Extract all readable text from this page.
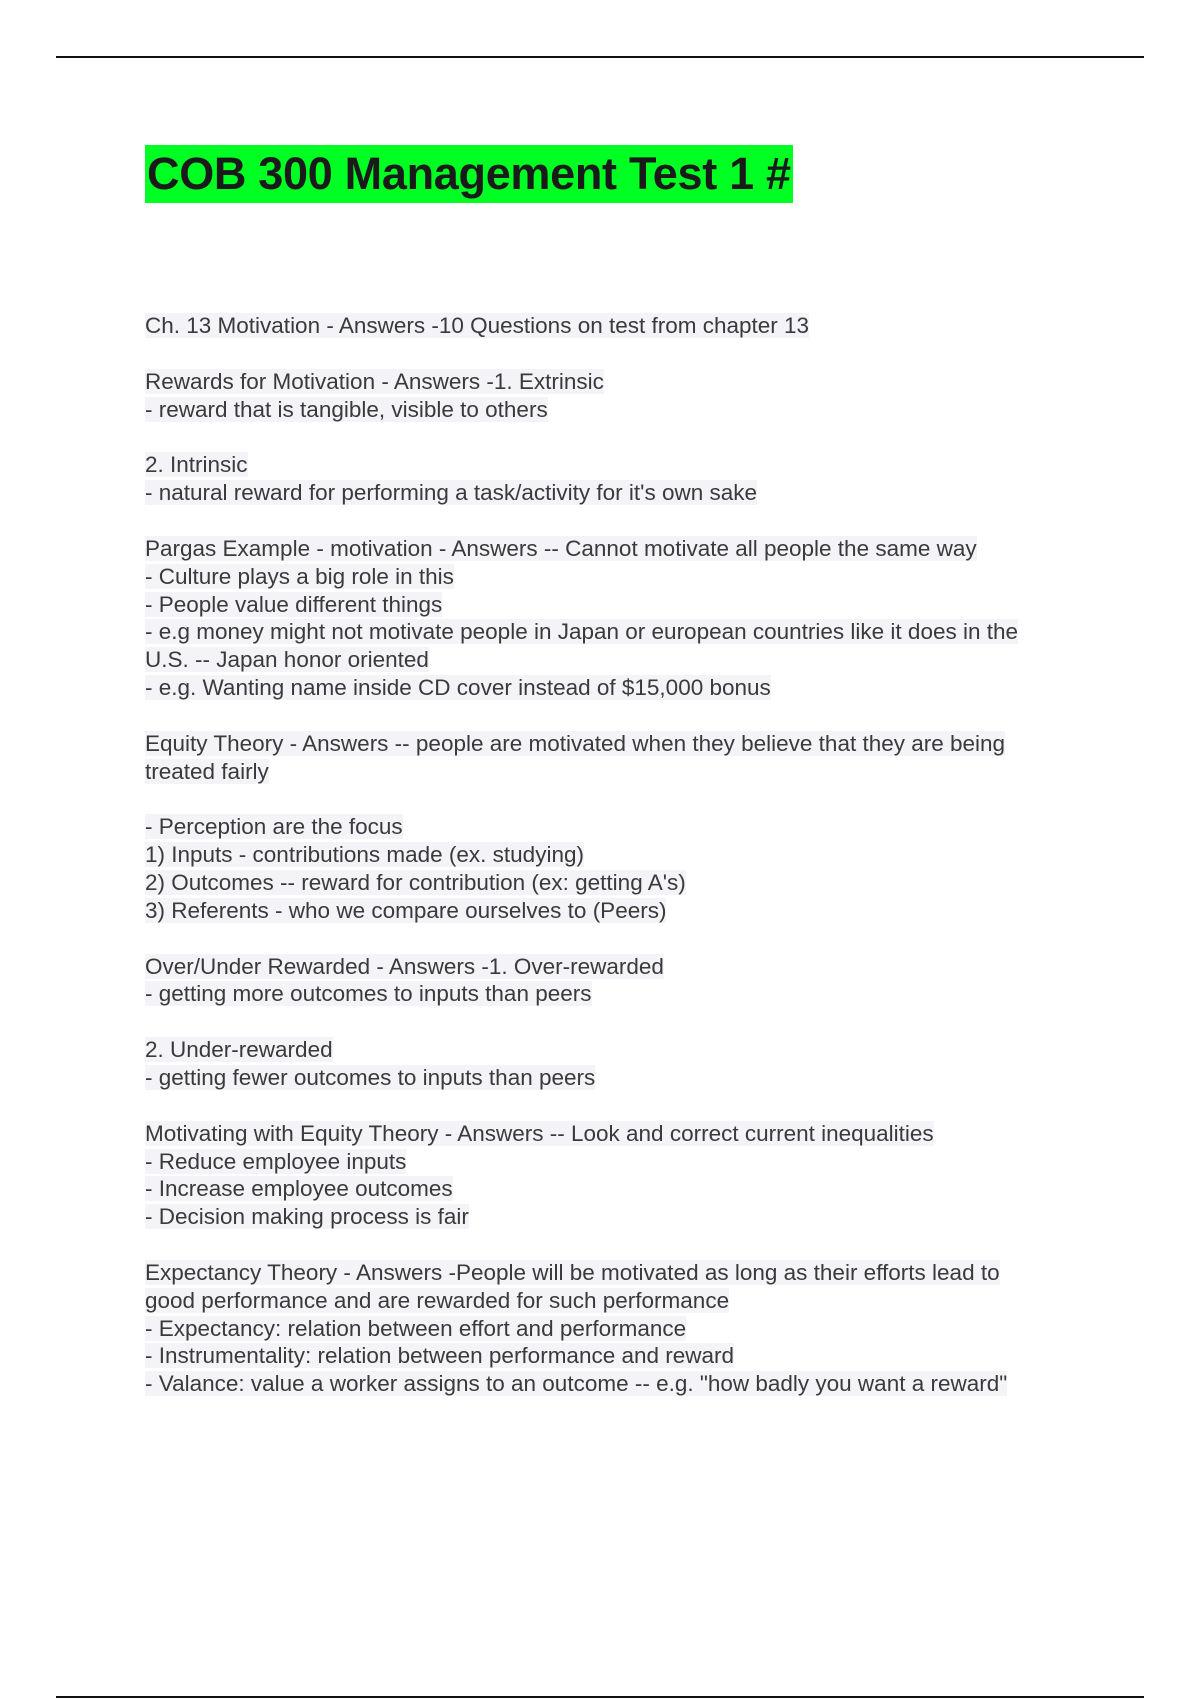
COB 300 Management Test 1 #
Ch. 13 Motivation - Answers -10 Questions on test from chapter 13
Rewards for Motivation - Answers -1. Extrinsic
- reward that is tangible, visible to others
2. Intrinsic
- natural reward for performing a task/activity for it's own sake
Pargas Example - motivation - Answers -- Cannot motivate all people the same way
- Culture plays a big role in this
- People value different things
- e.g money might not motivate people in Japan or european countries like it does in the
U.S. -- Japan honor oriented
- e.g. Wanting name inside CD cover instead of $15,000 bonus
Equity Theory - Answers -- people are motivated when they believe that they are being
treated fairly
- Perception are the focus
1) Inputs - contributions made (ex. studying)
2) Outcomes -- reward for contribution (ex: getting A's)
3) Referents - who we compare ourselves to (Peers)
Over/Under Rewarded - Answers -1. Over-rewarded
- getting more outcomes to inputs than peers
2. Under-rewarded
- getting fewer outcomes to inputs than peers
Motivating with Equity Theory - Answers -- Look and correct current inequalities
- Reduce employee inputs
- Increase employee outcomes
- Decision making process is fair
Expectancy Theory - Answers -People will be motivated as long as their efforts lead to
good performance and are rewarded for such performance
- Expectancy: relation between effort and performance
- Instrumentality: relation between performance and reward
- Valance: value a worker assigns to an outcome -- e.g. "how badly you want a reward"
